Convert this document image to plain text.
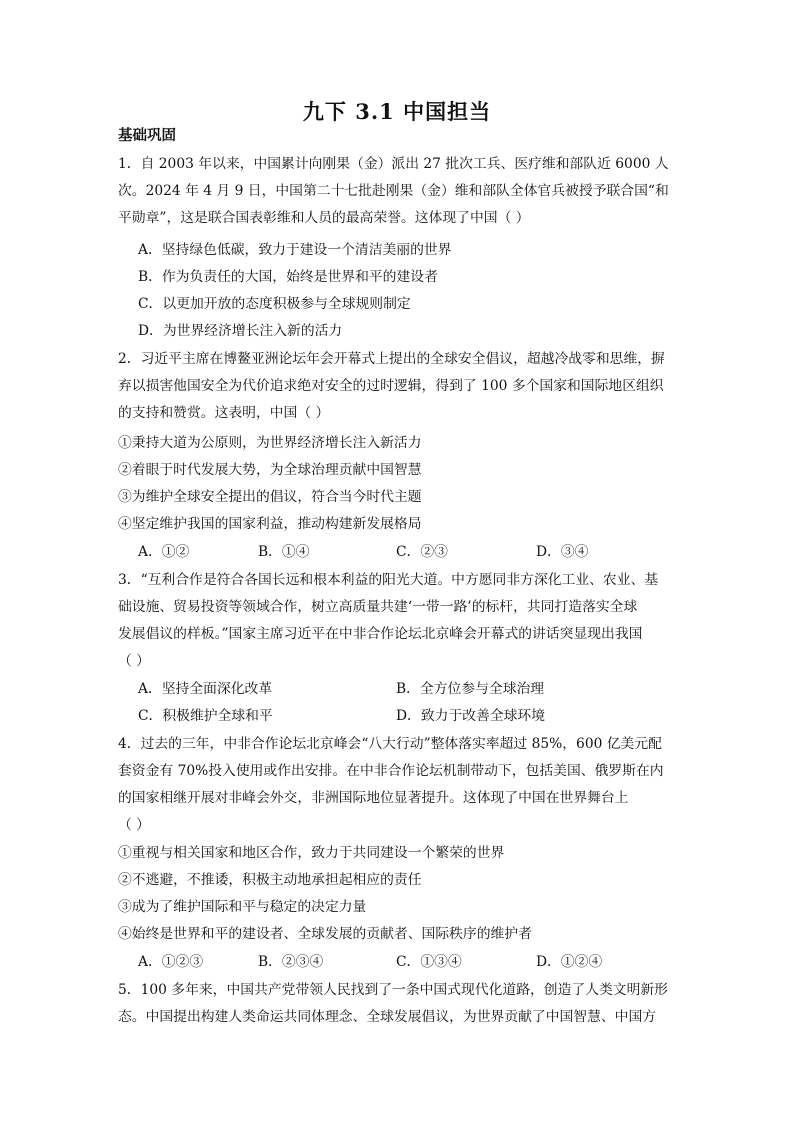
九下 3.1 中国担当
基础巩固
1．自 2003 年以来，中国累计向刚果（金）派出 27 批次工兵、医疗维和部队近 6000 人
次。2024 年 4 月 9 日，中国第二十七批赴刚果（金）维和部队全体官兵被授予联合国“和
平勋章”，这是联合国表彰维和人员的最高荣誉。这体现了中国（ ）
A．坚持绿色低碳，致力于建设一个清洁美丽的世界
B．作为负责任的大国，始终是世界和平的建设者
C．以更加开放的态度积极参与全球规则制定
D．为世界经济增长注入新的活力
2．习近平主席在博鳌亚洲论坛年会开幕式上提出的全球安全倡议，超越冷战零和思维，摒
弃以损害他国安全为代价追求绝对安全的过时逻辑，得到了 100 多个国家和国际地区组织
的支持和赞赏。这表明，中国（ ）
①秉持大道为公原则，为世界经济增长注入新活力
②着眼于时代发展大势，为全球治理贡献中国智慧
③为维护全球安全提出的倡议，符合当今时代主题
④坚定维护我国的国家利益，推动构建新发展格局
A．①②	B．①④	C．②③	D．③④
3．“互利合作是符合各国长远和根本利益的阳光大道。中方愿同非方深化工业、农业、基
础设施、贸易投资等领域合作，树立高质量共建‘一带一路’的标杆，共同打造落实全球
发展倡议的样板。”国家主席习近平在中非合作论坛北京峰会开幕式的讲话突显现出我国
（ ）
A．坚持全面深化改革	B．全方位参与全球治理
C．积极维护全球和平	D．致力于改善全球环境
4．过去的三年，中非合作论坛北京峰会“八大行动”整体落实率超过 85%，600 亿美元配
套资金有 70%投入使用或作出安排。在中非合作论坛机制带动下，包括美国、俄罗斯在内
的国家相继开展对非峰会外交，非洲国际地位显著提升。这体现了中国在世界舞台上
（ ）
①重视与相关国家和地区合作，致力于共同建设一个繁荣的世界
②不逃避，不推诿，积极主动地承担起相应的责任
③成为了维护国际和平与稳定的决定力量
④始终是世界和平的建设者、全球发展的贡献者、国际秩序的维护者
A．①②③	B．②③④	C．①③④	D．①②④
5．100 多年来，中国共产党带领人民找到了一条中国式现代化道路，创造了人类文明新形
态。中国提出构建人类命运共同体理念、全球发展倡议，为世界贡献了中国智慧、中国方
